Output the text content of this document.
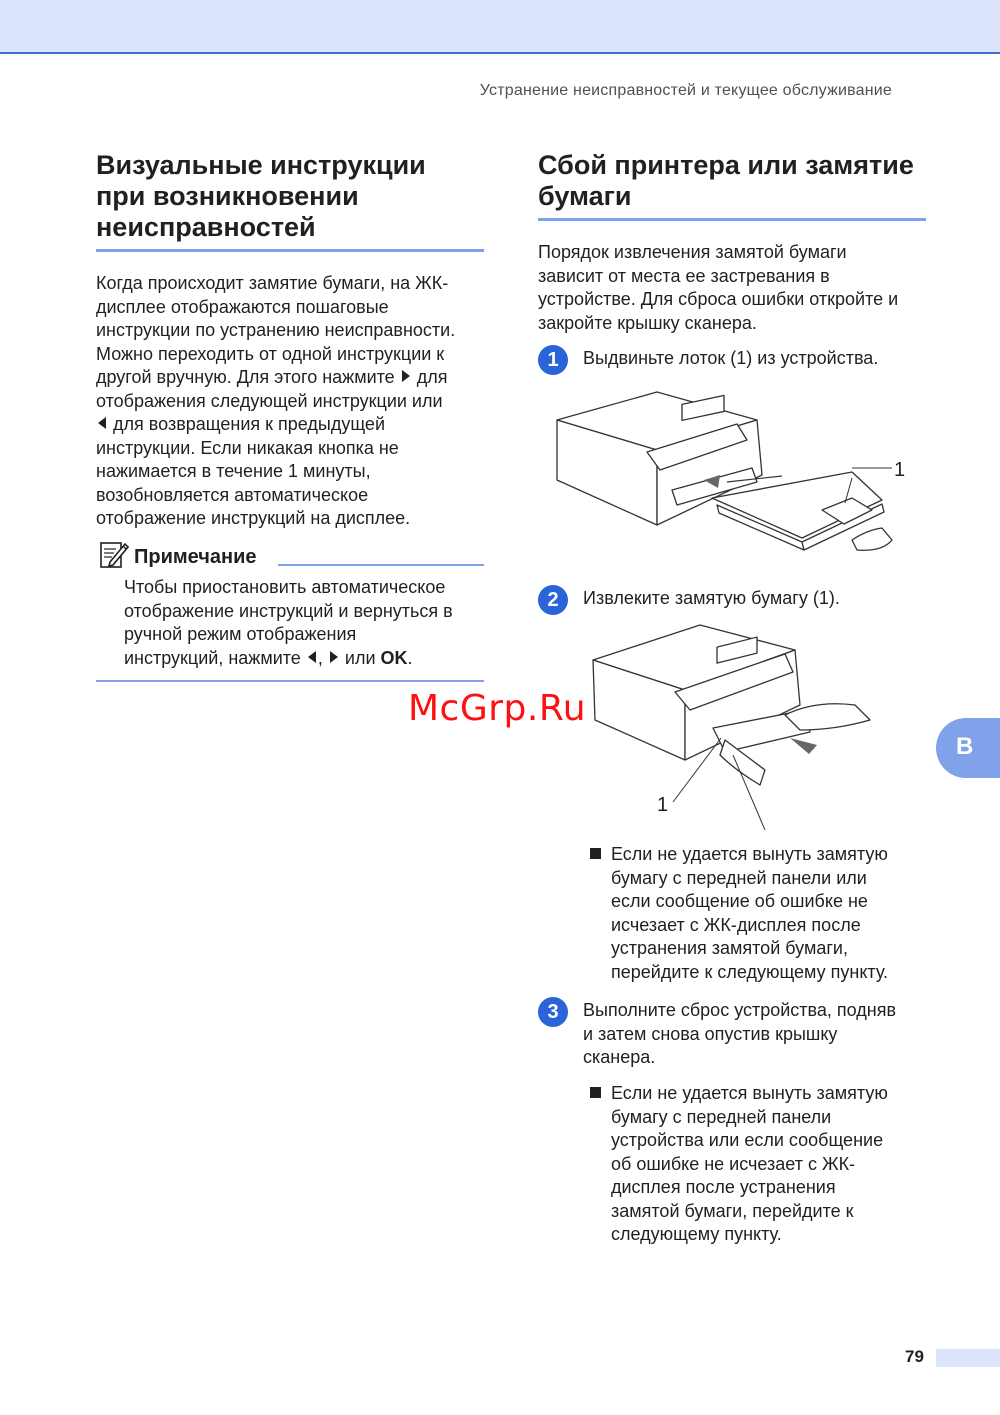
Устранение неисправностей и текущее обслуживание
Визуальные инструкции
при возникновении
неисправностей

Когда происходит замятие бумаги, на ЖК-
дисплее отображаются пошаговые
инструкции по устранению неисправности.
Можно переходить от одной инструкции к
другой вручную. Для этого нажмите для
отображения следующей инструкции или
для возвращения к предыдущей
инструкции. Если никакая кнопка не
нажимается в течение 1 минуты,
возобновляется автоматическое
отображение инструкций на дисплее.

Примечание

Чтобы приостановить автоматическое
отображение инструкций и вернуться в
ручной режим отображения
инструкций, нажмите , или OK.

Сбой принтера или замятие
бумаги

Порядок извлечения замятой бумаги
зависит от места ее застревания в
устройстве. Для сброса ошибки откройте и
закройте крышку сканера.

1	Выдвиньте лоток (1) из устройства.
1
2	Извлеките замятую бумагу (1).
1
Если не удается вынуть замятую
бумагу с передней панели или
если сообщение об ошибке не
исчезает с ЖК-дисплея после
устранения замятой бумаги,
перейдите к следующему пункту.
3	Выполните сброс устройства, подняв
и затем снова опустив крышку
сканера.
Если не удается вынуть замятую
бумагу с передней панели
устройства или если сообщение
об ошибке не исчезает с ЖК-
дисплея после устранения
замятой бумаги, перейдите к
следующему пункту.
McGrp.Ru
B
79
